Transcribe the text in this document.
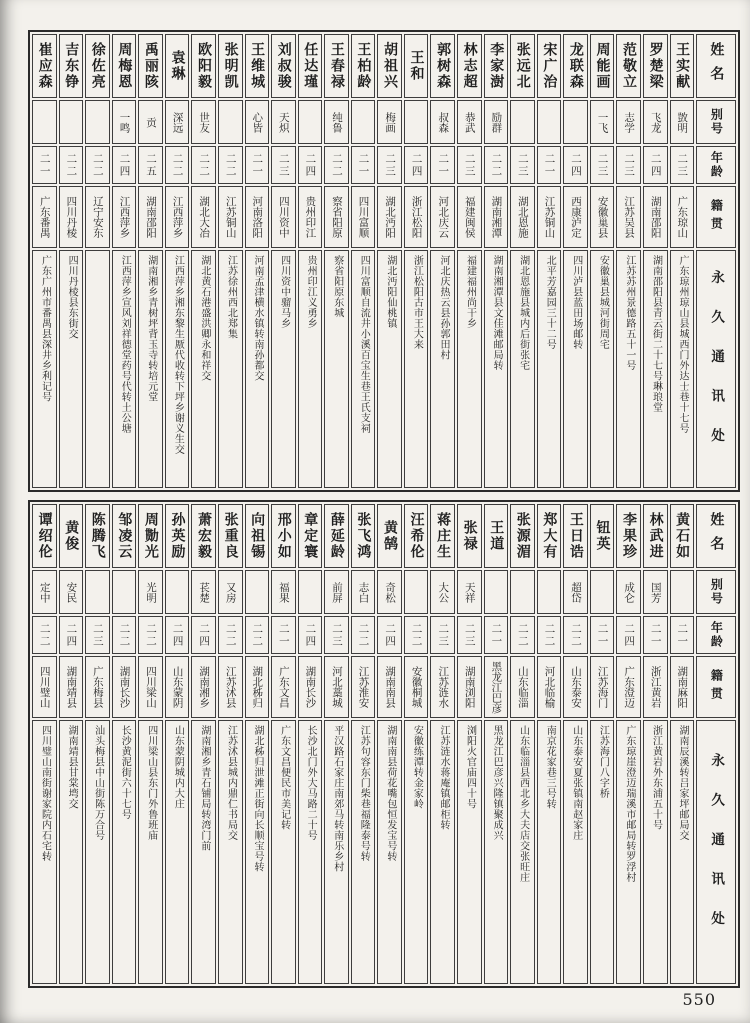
崔应森
二一
广东番禺
广东广州市番禺县深井乡利记号
吉东铮
二二
四川丹棱
四川丹棱县东街交
徐佐亮
二二
辽宁安东
周梅恩
一鸣
二四
江西萍乡
江西萍乡宣风刘祥德堂药号代转土公塘
禹丽陔
贡
二五
湖南邵阳
湖南湘乡青树坪背玉寺转培元堂
袁琳
深远
二二
江西萍乡
江西萍乡湘东黎生厫代收转下坪乡谢义生交
欧阳毅
世友
二二
湖北大冶
湖北黄石港盛洪卿永和祥交
张明凯
二二
江苏铜山
江苏徐州西北郑集
王维城
心皆
二一
河南洛阳
河南孟津横水镇转南孙都交
刘叔骏
天炽
二三
四川资中
四川资中骝马乡
任达瑾
二四
贵州印江
贵州印江义勇乡
王春禄
纯鲁
二二
察省阳原
察省阳原东城
王柏龄
二一
四川富顺
四川富顺自流井小溪百宝生巷王氏支祠
胡祖兴
梅画
二三
湖北沔阳
湖北沔阳仙桃镇
王和
二四
浙江松阳
浙江松阳古市王大来
郭树森
叔森
二一
河北庆云
河北庆热云县孙郭田村
林志超
恭武
二三
福建闽侯
福建福州尚干乡
李家澍
励群
二二
湖南湘潭
湖南湘潭县文佳滩邮局转
张远北
二三
湖北恩施
湖北恩施县城内后街张宅
宋广治
二一
江苏铜山
北平芳嘉园三十二号
龙联森
二四
西康泸定
四川泸县蓝田场邮转
周能画
一飞
二三
安徽巢县
安徽巢县城河街周宅
范敬立
志学
二三
江苏吴县
江苏苏州景德路五十一号
罗楚梁
飞龙
二四
湖南邵阳
湖南邵阳县青云街二十七号琳琅堂
王实献
敳明
二三
广东琼山
广东琼州琼山县城西门外达士巷十七号
姓名
别号
年龄
籍贯
永久通讯处
谭绍伦
定中
二二
四川璧山
四川璧山南街谢家院内石宅转
黄俊
安民
二四
湖南靖县
湖南靖县甘棠塆交
陈腾飞
二三
广东梅县
汕头梅县中山街陈万合号
邹凌云
二二
湖南长沙
长沙黄泥街六十七号
周勚光
光明
二二
四川梁山
四川梁山县东门外鲁班庙
孙英励
二四
山东蒙阴
山东蒙阴城内大庄
萧宏毅
苌楚
二四
湖南湘乡
湖南湘乡青石铺局转湾门前
张重良
又房
二二
江苏沭县
江苏沭县城内鼎仁书局交
向祖锡
二二
湖北秭归
湖北秭归泄滩正街向长顺宝号转
邢小如
福果
二一
广东文昌
广东文昌便民市美记转
章定寰
二四
湖南长沙
长沙北门外大马路二十号
薛延龄
前屏
二三
河北藁城
平汉路石家庄南郊马转南乐乡村
张飞鸿
志白
二二
江苏淮安
江苏句容东门柴巷福隆泰号转
黄鹄
奇松
二四
湖南南县
湖南南县荷花嘴包恒发宝号转
汪希伦
二二
安徽桐城
安徽练潭转金家岭
蒋庄生
大公
二三
江苏涟水
江苏涟水蒋庵镇邮柜转
张禄
天祥
二三
湖南浏阳
浏阳火官庙四十号
王道
二一
黑龙江巴彦
黑龙江巴彦兴隆镇聚成兴
张源湄
二二
山东临淄
山东临淄县西北乡大夫店交张旺庄
郑大有
二二
河北临榆
南京花家巷三号转
王日诰
超岱
二二
山东泰安
山东泰安夏张镇南赵家庄
钮英
二一
江苏海门
江苏海门八字桥
李果珍
成仑
二四
广东澄迈
广东琼崖澄迈瑞溪市邮局转罗浮村
林武进
国芳
二一
浙江黄岩
浙江黄岩外东浦五十号
黄石如
二一
湖南麻阳
湖南辰溪转吕家坪邮局交
姓名
别号
年龄
籍贯
永久通讯处
550
